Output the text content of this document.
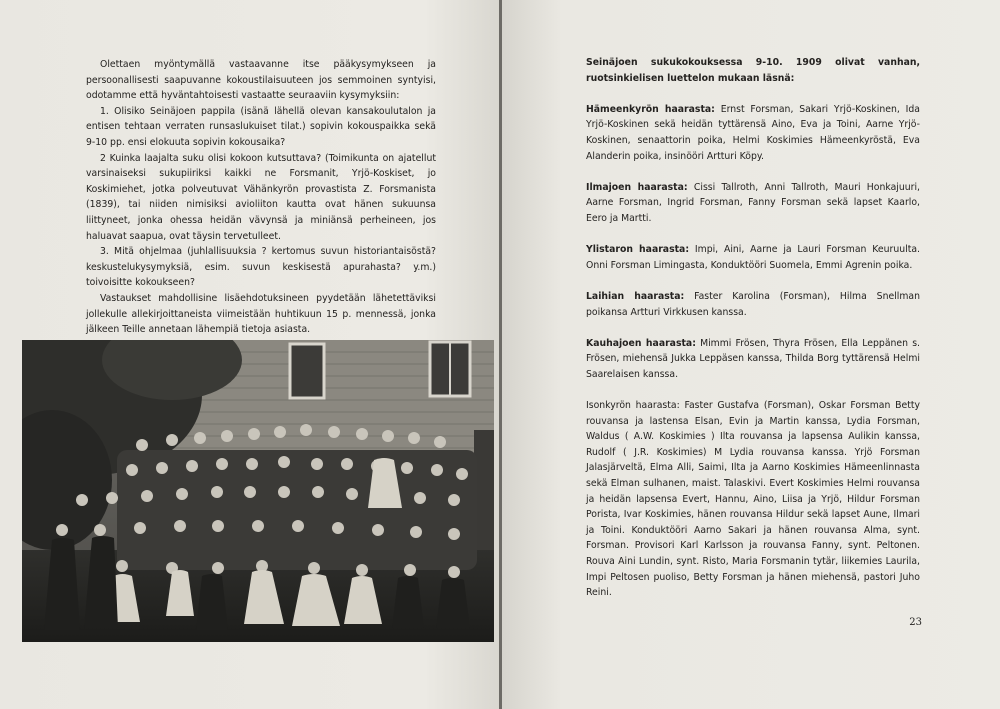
Olettaen myöntymällä vastaavanne itse pääkysymykseen ja persoonallisesti saapuvanne kokoustilaisuuteen jos semmoinen syntyisi, odotamme että hyväntahtoisesti vastaatte seuraaviin kysymyksiin:

1. Olisiko Seinäjoen pappila (isänä lähellä olevan kansakoulutalon ja entisen tehtaan verraten runsaslukuiset tilat.) sopivin kokouspaikka sekä 9-10 pp. ensi elokuuta sopivin kokousaika?

2 Kuinka laajalta suku olisi kokoon kutsuttava? (Toimikunta on ajatellut varsinaiseksi sukupiiriksi kaikki ne Forsmanit, Yrjö-Koskiset, jo Koskimiehet, jotka polveutuvat Vähänkyrön provastista Z. Forsmanista (1839), tai niiden nimisiksi avioliiton kautta ovat hänen sukuunsa liittyneet, jonka ohessa heidän vävynsä ja miniänsä perheineen, jos haluavat saapua, ovat täysin tervetulleet.

3. Mitä ohjelmaa (juhlallisuuksia ? kertomus suvun historiantaisöstä? keskustelukysymyksiä, esim. suvun keskisestä apurahasta? y.m.) toivoisitte kokoukseen?

Vastaukset mahdollisine lisäehdotuksineen pyydetään lähetettäviksi jollekulle allekirjoittaneista viimeistään huhtikuun 15 p. mennessä, jonka jälkeen Teille annetaan lähempiä tietoja asiasta.

Seinäjoen sukukokouksessa 9-10. 1909 olivat vanhan, ruotsinkielisen luettelon mukaan läsnä:

Hämeenkyrön haarasta: Ernst Forsman, Sakari Yrjö-Koskinen, Ida Yrjö-Koskinen sekä heidän tyttärensä Aino, Eva ja Toini, Aarne Yrjö-Koskinen, senaattorin poika, Helmi Koskimies Hämeenkyröstä, Eva Alanderin poika, insinööri Artturi Köpy.

Ilmajoen haarasta: Cissi Tallroth, Anni Tallroth, Mauri Honkajuuri, Aarne Forsman, Ingrid Forsman, Fanny Forsman sekä lapset Kaarlo, Eero ja Martti.

Ylistaron haarasta: Impi, Aini, Aarne ja Lauri Forsman Keuruulta. Onni Forsman Limingasta, Konduktööri Suomela, Emmi Agrenin poika.

Laihian haarasta: Faster Karolina (Forsman), Hilma Snellman poikansa Artturi Virkkusen kanssa.

Kauhajoen haarasta: Mimmi Frösen, Thyra Frösen, Ella Leppänen s. Frösen, miehensä Jukka Leppäsen kanssa, Thilda Borg tyttärensä Helmi Saarelaisen kanssa.

Isonkyrön haarasta: Faster Gustafva (Forsman), Oskar Forsman Betty rouvansa ja lastensa Elsan, Evin ja Martin kanssa, Lydia Forsman, Waldus ( A.W. Koskimies ) Ilta rouvansa ja lapsensa Aulikin kanssa, Rudolf ( J.R. Koskimies) M Lydia rouvansa kanssa. Yrjö Forsman Jalasjärveltä, Elma Alli, Saimi, Ilta ja Aarno Koskimies Hämeenlinnasta sekä Elman sulhanen, maist. Talaskivi. Evert Koskimies Helmi rouvansa ja heidän lapsensa Evert, Hannu, Aino, Liisa ja Yrjö, Hildur Forsman Porista, Ivar Koskimies, hänen rouvansa Hildur sekä lapset Aune, Ilmari ja Toini. Konduktööri Aarno Sakari ja hänen rouvansa Alma, synt. Forsman. Provisori Karl Karlsson ja rouvansa Fanny, synt. Peltonen. Rouva Aini Lundin, synt. Risto, Maria Forsmanin tytär, liikemies Laurila, Impi Peltosen puoliso, Betty Forsman ja hänen miehensä, pastori Juho Reini.

23
